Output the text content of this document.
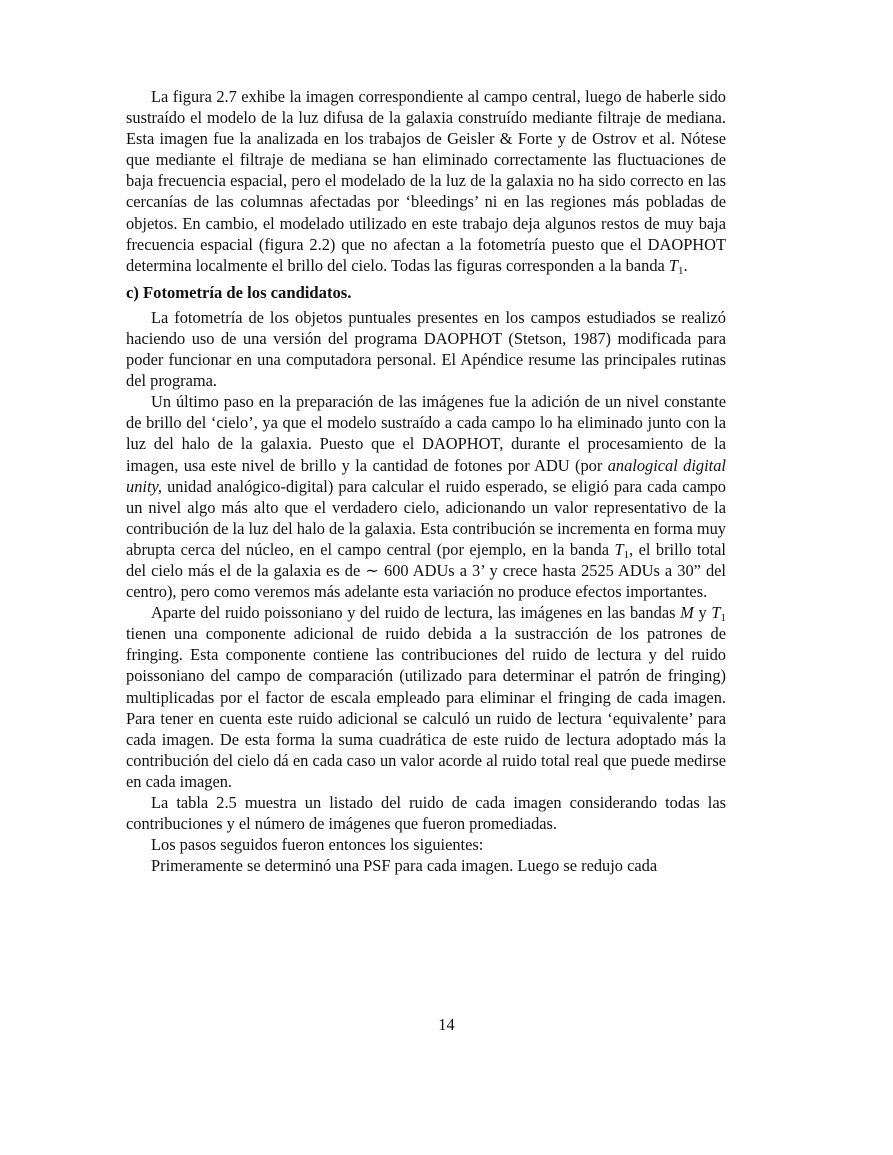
La figura 2.7 exhibe la imagen correspondiente al campo central, luego de haberle sido sustraído el modelo de la luz difusa de la galaxia construído mediante filtraje de mediana. Esta imagen fue la analizada en los trabajos de Geisler & Forte y de Ostrov et al. Nótese que mediante el filtraje de mediana se han eliminado correctamente las fluctuaciones de baja frecuencia espacial, pero el modelado de la luz de la galaxia no ha sido correcto en las cercanías de las columnas afectadas por ‘bleedings’ ni en las regiones más pobladas de objetos. En cambio, el modelado utilizado en este trabajo deja algunos restos de muy baja frecuencia espacial (figura 2.2) que no afectan a la fotometría puesto que el DAOPHOT determina localmente el brillo del cielo. Todas las figuras corresponden a la banda $T_1$.

c) Fotometría de los candidatos.

La fotometría de los objetos puntuales presentes en los campos estudiados se realizó haciendo uso de una versión del programa DAOPHOT (Stetson, 1987) modificada para poder funcionar en una computadora personal. El Apéndice resume las principales rutinas del programa.

Un último paso en la preparación de las imágenes fue la adición de un nivel constante de brillo del ‘cielo’, ya que el modelo sustraído a cada campo lo ha eliminado junto con la luz del halo de la galaxia. Puesto que el DAOPHOT, durante el procesamiento de la imagen, usa este nivel de brillo y la cantidad de fotones por ADU (por analogical digital unity, unidad analógico-digital) para calcular el ruido esperado, se eligió para cada campo un nivel algo más alto que el verdadero cielo, adicionando un valor representativo de la contribución de la luz del halo de la galaxia. Esta contribución se incrementa en forma muy abrupta cerca del núcleo, en el campo central (por ejemplo, en la banda $T_1$, el brillo total del cielo más el de la galaxia es de ∼ 600 ADUs a 3’ y crece hasta 2525 ADUs a 30” del centro), pero como veremos más adelante esta variación no produce efectos importantes.

Aparte del ruido poissoniano y del ruido de lectura, las imágenes en las bandas M y $T_1$ tienen una componente adicional de ruido debida a la sustracción de los patrones de fringing. Esta componente contiene las contribuciones del ruido de lectura y del ruido poissoniano del campo de comparación (utilizado para determinar el patrón de fringing) multiplicadas por el factor de escala empleado para eliminar el fringing de cada imagen. Para tener en cuenta este ruido adicional se calculó un ruido de lectura ‘equivalente’ para cada imagen. De esta forma la suma cuadrática de este ruido de lectura adoptado más la contribución del cielo dá en cada caso un valor acorde al ruido total real que puede medirse en cada imagen.

La tabla 2.5 muestra un listado del ruido de cada imagen considerando todas las contribuciones y el número de imágenes que fueron promediadas.

Los pasos seguidos fueron entonces los siguientes:

Primeramente se determinó una PSF para cada imagen. Luego se redujo cada

14
